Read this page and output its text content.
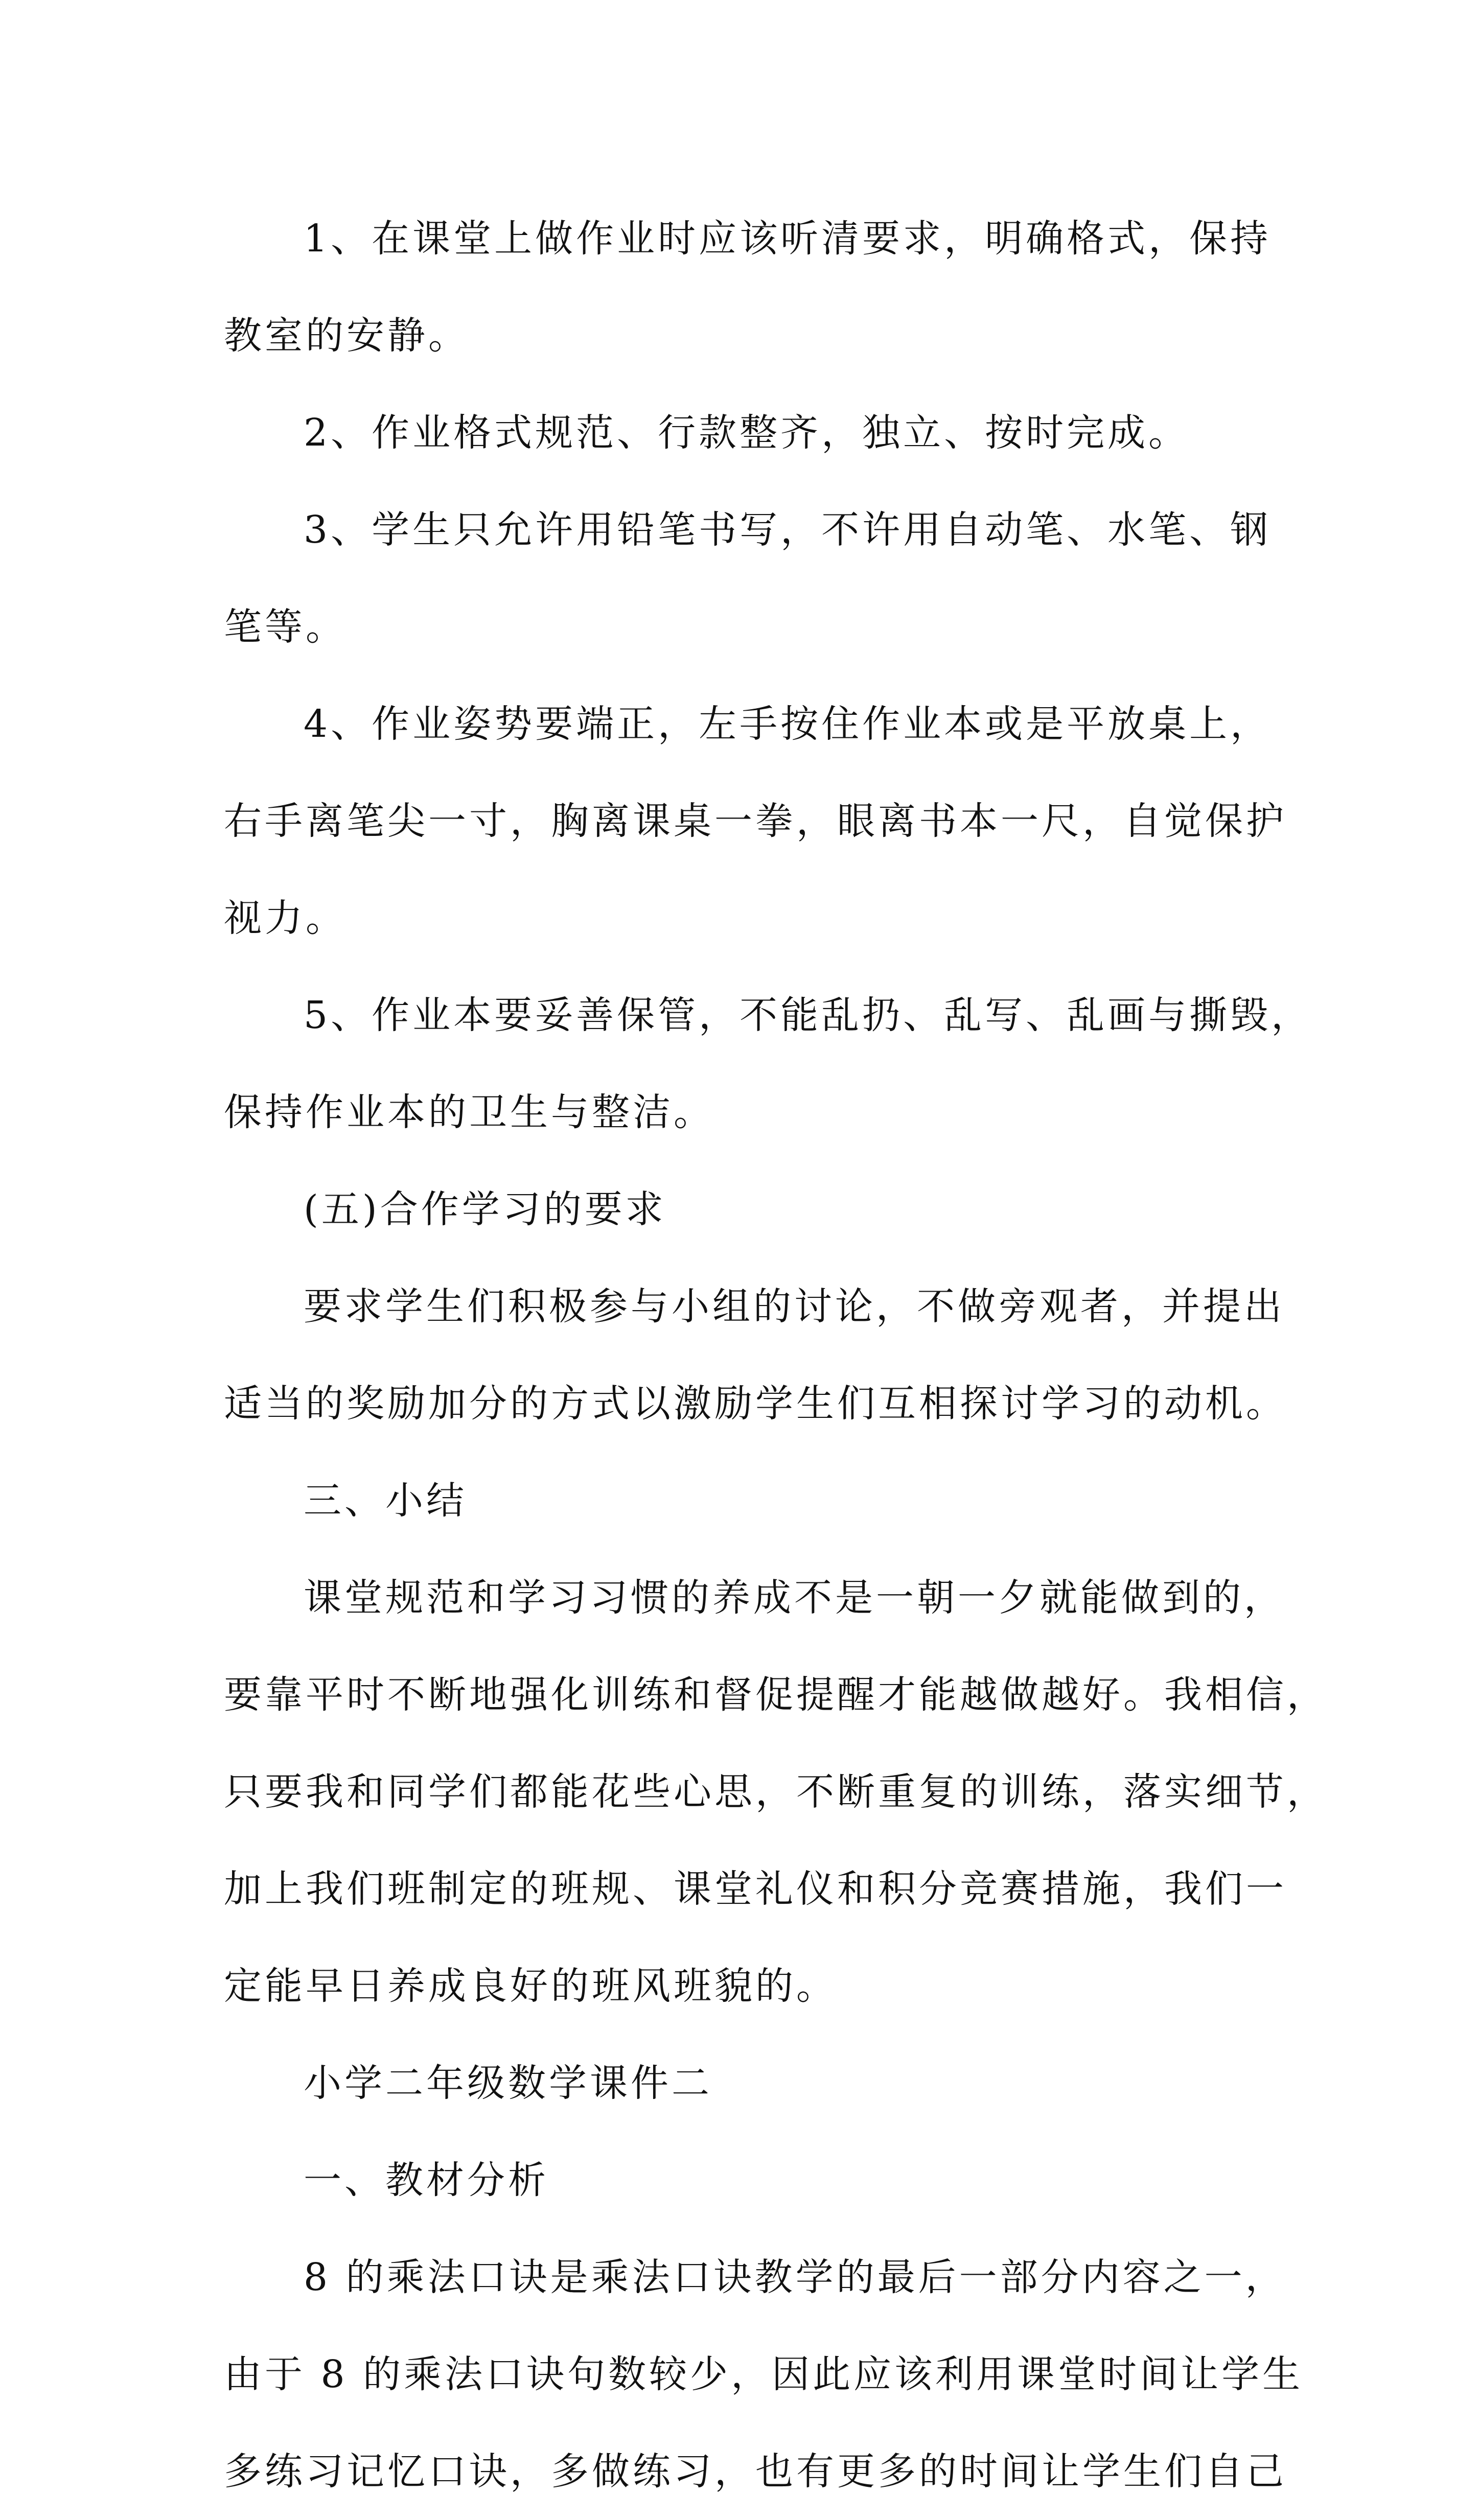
1、在课堂上做作业时应该听清要求，明确格式，保持
教室的安静。
2、作业格式规范、行款整齐，独立、按时完成。
3、学生只允许用铅笔书写，不许用自动笔、水笔、钢
笔等。
4、作业姿势要端正，左手按住作业本或是平放桌上，
右手离笔尖一寸，胸离课桌一拳，眼离书本一尺，自觉保护
视力。
5、作业本要妥善保管，不能乱扔、乱写、乱画与撕毁，
保持作业本的卫生与整洁。
(五)合作学习的要求
要求学生们积极参与小组的讨论，不做旁观者，并提出
适当的奖励加分的方式以激励学生们互相探讨学习的动机。
三、小结
课堂规范和学习习惯的养成不是一朝一夕就能做到的，
要靠平时不断地强化训练和督促提醒才能越做越好。我相信，
只要我和同学们都能花些心思，不断重复的训练，落实细节，
加上我们班制定的班规、课堂礼仪和积分竞赛措施，我们一
定能早日养成良好的班风班貌的。
小学二年级数学课件二
一、教材分析
8 的乘法口诀是乘法口诀教学的最后一部分内容之一，
由于 8 的乘法口诀句数较少，因此应该利用课堂时间让学生
多练习记忆口诀，多做练习，也有更多的时间让学生们自己
